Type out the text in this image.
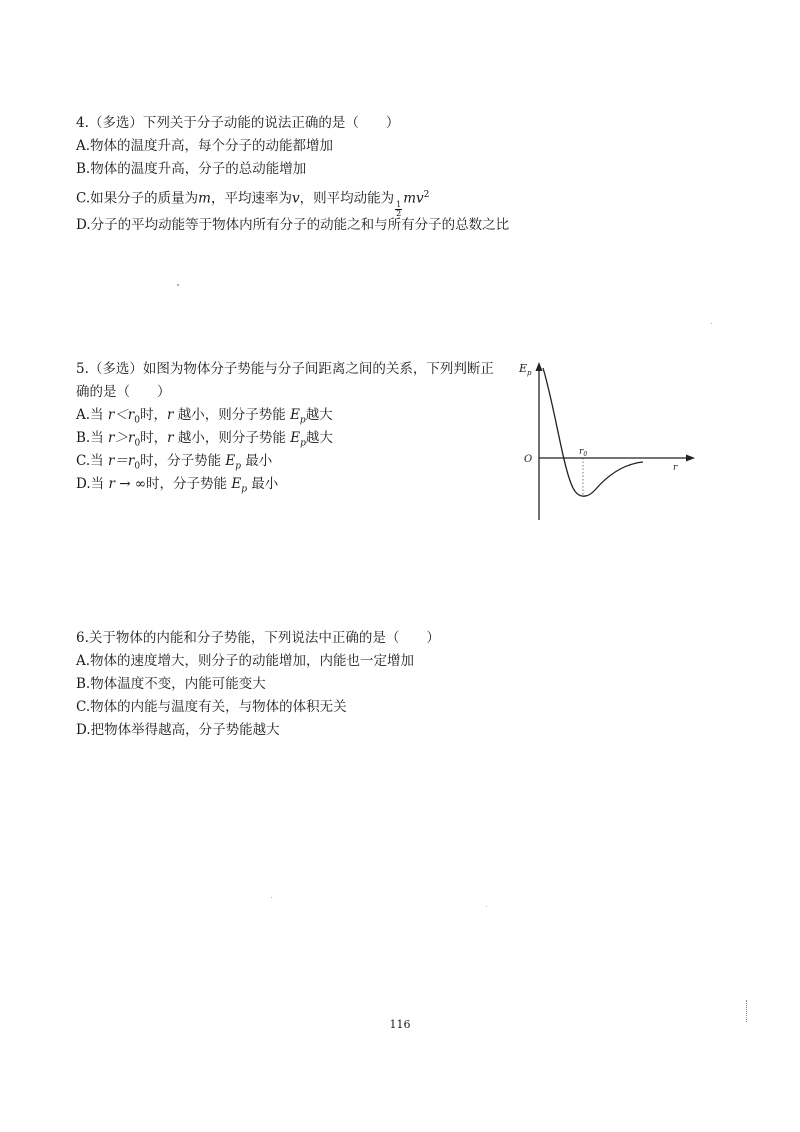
4.（多选）下列关于分子动能的说法正确的是（　　）
A.物体的温度升高，每个分子的动能都增加
B.物体的温度升高，分子的总动能增加
C.如果分子的质量为m，平均速率为v，则平均动能为
$\frac{1}{2}$
$mv^2$
D.分子的平均动能等于物体内所有分子的动能之和与所有分子的总数之比
5.（多选）如图为物体分子势能与分子间距离之间的关系，下列判断正
确的是（　　）
A.当 $r<r_0$时，r 越小，则分子势能 $E_p$越大
B.当 $r>r_0$时，r 越小，则分子势能 $E_p$越大
C.当 $r=r_0$时，分子势能 $E_p$ 最小
D.当 r → ∞时，分子势能 $E_p$ 最小
$E_p$
O
$r_0$
r
6.关于物体的内能和分子势能，下列说法中正确的是（　　）
A.物体的速度增大，则分子的动能增加，内能也一定增加
B.物体温度不变，内能可能变大
C.物体的内能与温度有关，与物体的体积无关
D.把物体举得越高，分子势能越大
116
